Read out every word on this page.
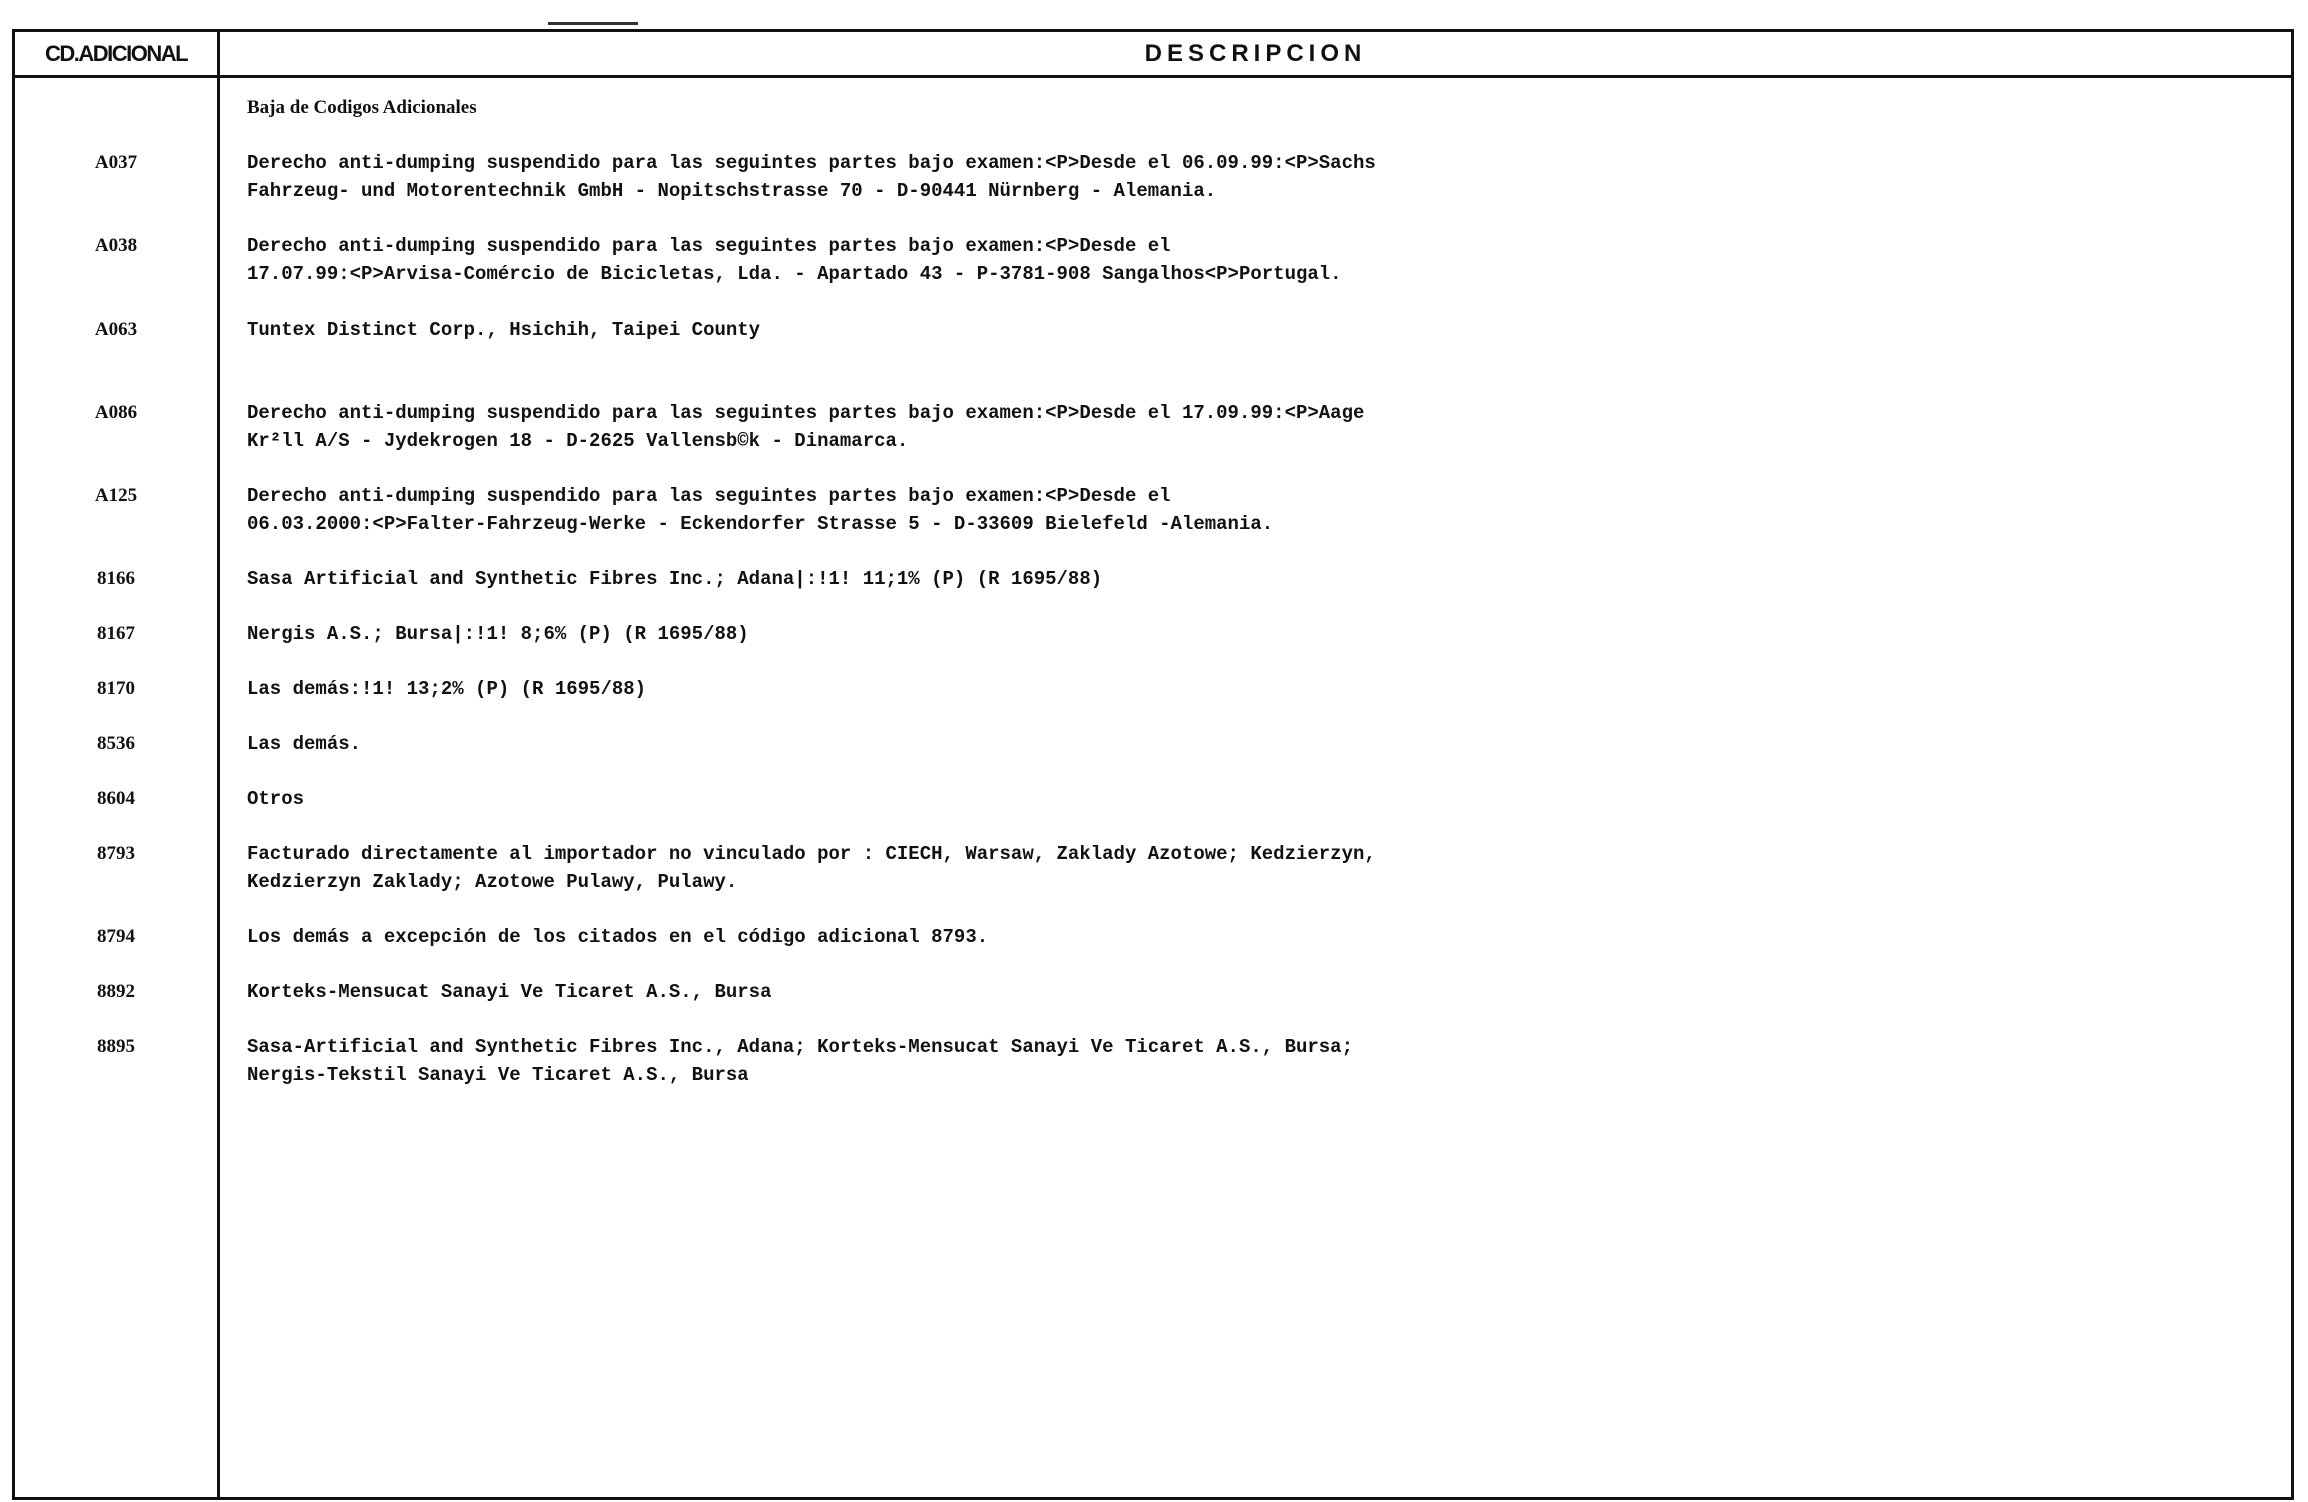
CD.ADICIONAL	DESCRIPCION
Baja de Codigos Adicionales
A037	Derecho anti-dumping suspendido para las seguintes partes bajo examen:<P>Desde el 06.09.99:<P>Sachs
Fahrzeug- und Motorentechnik GmbH - Nopitschstrasse 70 - D-90441 Nürnberg - Alemania.
A038	Derecho anti-dumping suspendido para las seguintes partes bajo examen:<P>Desde el
17.07.99:<P>Arvisa-Comércio de Bicicletas, Lda. - Apartado 43 - P-3781-908 Sangalhos<P>Portugal.
A063	Tuntex Distinct Corp., Hsichih, Taipei County
A086	Derecho anti-dumping suspendido para las seguintes partes bajo examen:<P>Desde el 17.09.99:<P>Aage
Kr²ll A/S - Jydekrogen 18 - D-2625 Vallensb©k - Dinamarca.
A125	Derecho anti-dumping suspendido para las seguintes partes bajo examen:<P>Desde el
06.03.2000:<P>Falter-Fahrzeug-Werke - Eckendorfer Strasse 5 - D-33609 Bielefeld -Alemania.
8166	Sasa Artificial and Synthetic Fibres Inc.; Adana|:!1! 11;1% (P) (R 1695/88)
8167	Nergis A.S.; Bursa|:!1! 8;6% (P) (R 1695/88)
8170	Las demás:!1! 13;2% (P) (R 1695/88)
8536	Las demás.
8604	Otros
8793	Facturado directamente al importador no vinculado por : CIECH, Warsaw, Zaklady Azotowe; Kedzierzyn,
Kedzierzyn Zaklady; Azotowe Pulawy, Pulawy.
8794	Los demás a excepción de los citados en el código adicional 8793.
8892	Korteks-Mensucat Sanayi Ve Ticaret A.S., Bursa
8895	Sasa-Artificial and Synthetic Fibres Inc., Adana; Korteks-Mensucat Sanayi Ve Ticaret A.S., Bursa;
Nergis-Tekstil Sanayi Ve Ticaret A.S., Bursa
